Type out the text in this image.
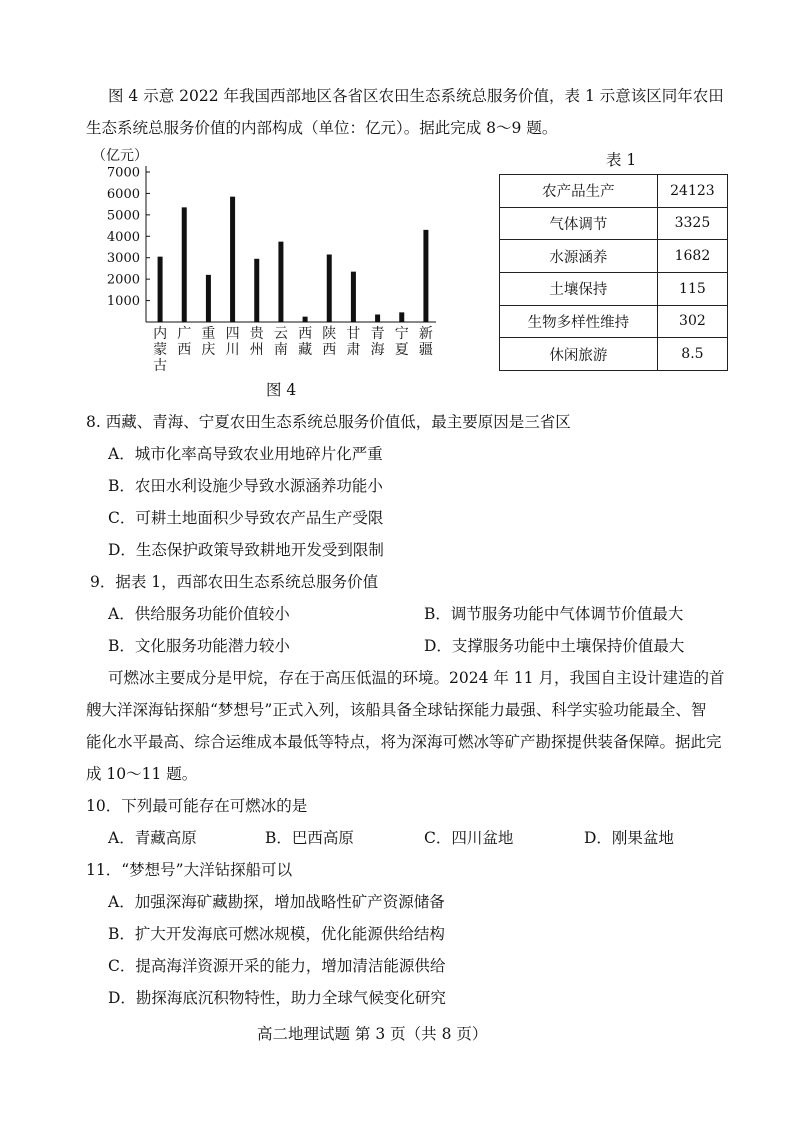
图 4 示意 2022 年我国西部地区各省区农田生态系统总服务价值，表 1 示意该区同年农田
生态系统总服务价值的内部构成（单位：亿元）。据此完成 8～9 题。
（亿元）
1000
2000
3000
4000
5000
6000
7000
内
蒙
古
广
西
重
庆
四
川
贵
州
云
南
西
藏
陕
西
甘
肃
青
海
宁
夏
新
疆
图 4
表 1
农产品生产	24123
气体调节	3325
水源涵养	1682
土壤保持	115
生物多样性维持	302
休闲旅游	8.5
8. 西藏、青海、宁夏农田生态系统总服务价值低，最主要原因是三省区
A．城市化率高导致农业用地碎片化严重
B．农田水利设施少导致水源涵养功能小
C．可耕土地面积少导致农产品生产受限
D．生态保护政策导致耕地开发受到限制
9．据表 1，西部农田生态系统总服务价值
A．供给服务功能价值较小	B．调节服务功能中气体调节价值最大
B．文化服务功能潜力较小	D．支撑服务功能中土壤保持价值最大
可燃冰主要成分是甲烷，存在于高压低温的环境。2024 年 11 月，我国自主设计建造的首
艘大洋深海钻探船“梦想号”正式入列，该船具备全球钻探能力最强、科学实验功能最全、智
能化水平最高、综合运维成本最低等特点，将为深海可燃冰等矿产勘探提供装备保障。据此完
成 10～11 题。
10．下列最可能存在可燃冰的是
A．青藏高原	B．巴西高原	C．四川盆地	D．刚果盆地
11．“梦想号”大洋钻探船可以
A．加强深海矿藏勘探，增加战略性矿产资源储备
B．扩大开发海底可燃冰规模，优化能源供给结构
C．提高海洋资源开采的能力，增加清洁能源供给
D．勘探海底沉积物特性，助力全球气候变化研究
高二地理试题 第 3 页（共 8 页）
